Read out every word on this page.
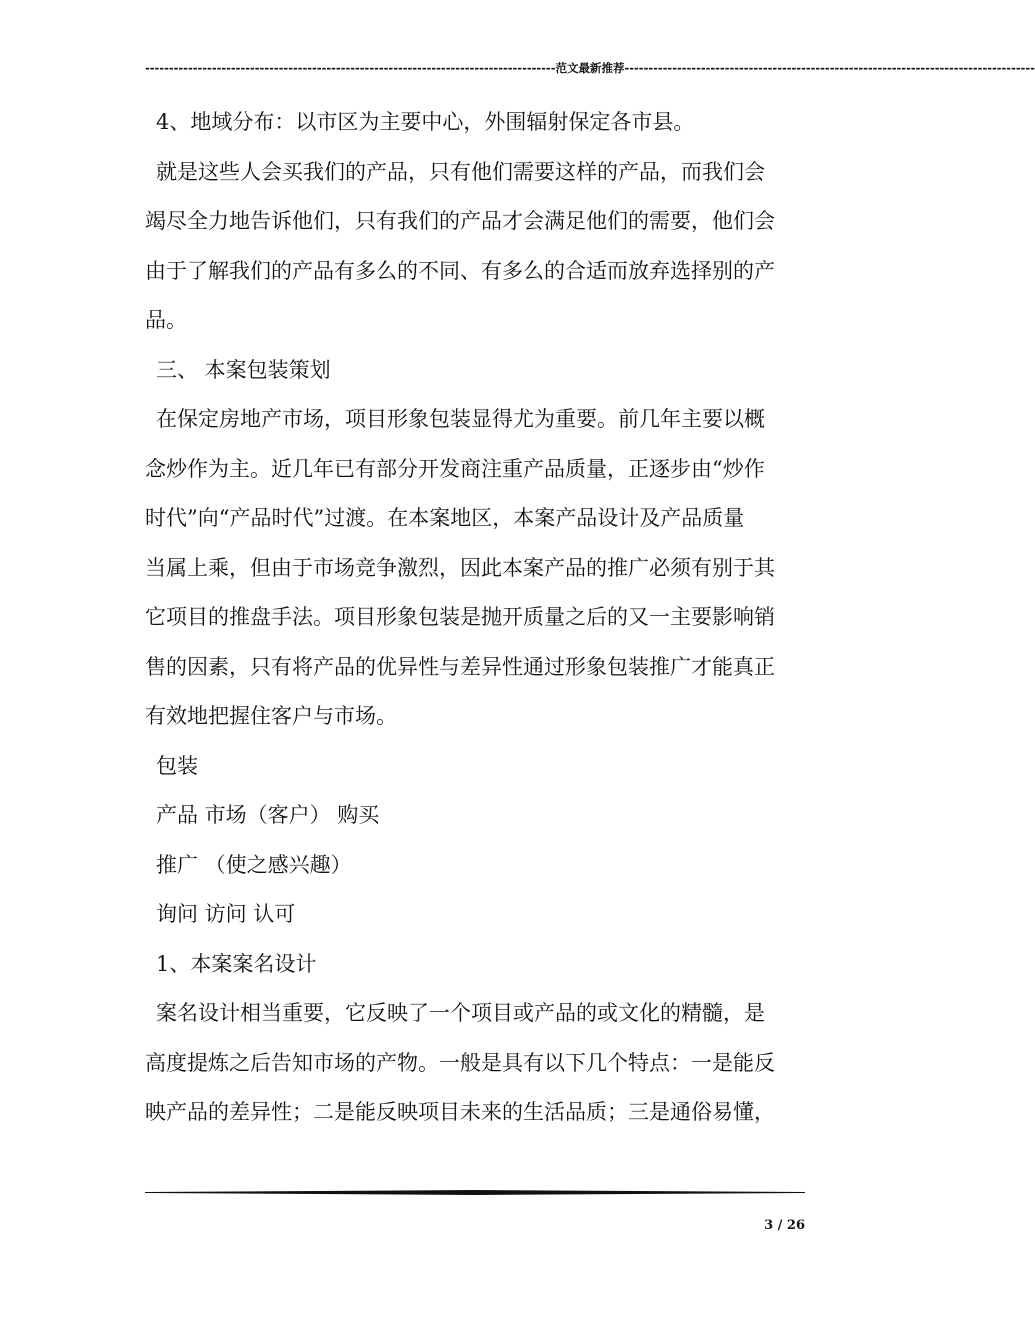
--------------------------------------------------------------------------------------范文最新推荐--------------------------------------------------------------------------------------
4、地域分布：以市区为主要中心，外围辐射保定各市县。
就是这些人会买我们的产品，只有他们需要这样的产品，而我们会
竭尽全力地告诉他们，只有我们的产品才会满足他们的需要，他们会
由于了解我们的产品有多么的不同、有多么的合适而放弃选择别的产
品。
三、 本案包装策划
在保定房地产市场，项目形象包装显得尤为重要。前几年主要以概
念炒作为主。近几年已有部分开发商注重产品质量，正逐步由“炒作
时代”向“产品时代”过渡。在本案地区，本案产品设计及产品质量
当属上乘，但由于市场竞争激烈，因此本案产品的推广必须有别于其
它项目的推盘手法。项目形象包装是抛开质量之后的又一主要影响销
售的因素，只有将产品的优异性与差异性通过形象包装推广才能真正
有效地把握住客户与市场。
包装
产品 市场（客户） 购买
推广 （使之感兴趣）
询问 访问 认可
1、本案案名设计
案名设计相当重要，它反映了一个项目或产品的或文化的精髓，是
高度提炼之后告知市场的产物。一般是具有以下几个特点：一是能反
映产品的差异性；二是能反映项目未来的生活品质；三是通俗易懂，
3 / 26
